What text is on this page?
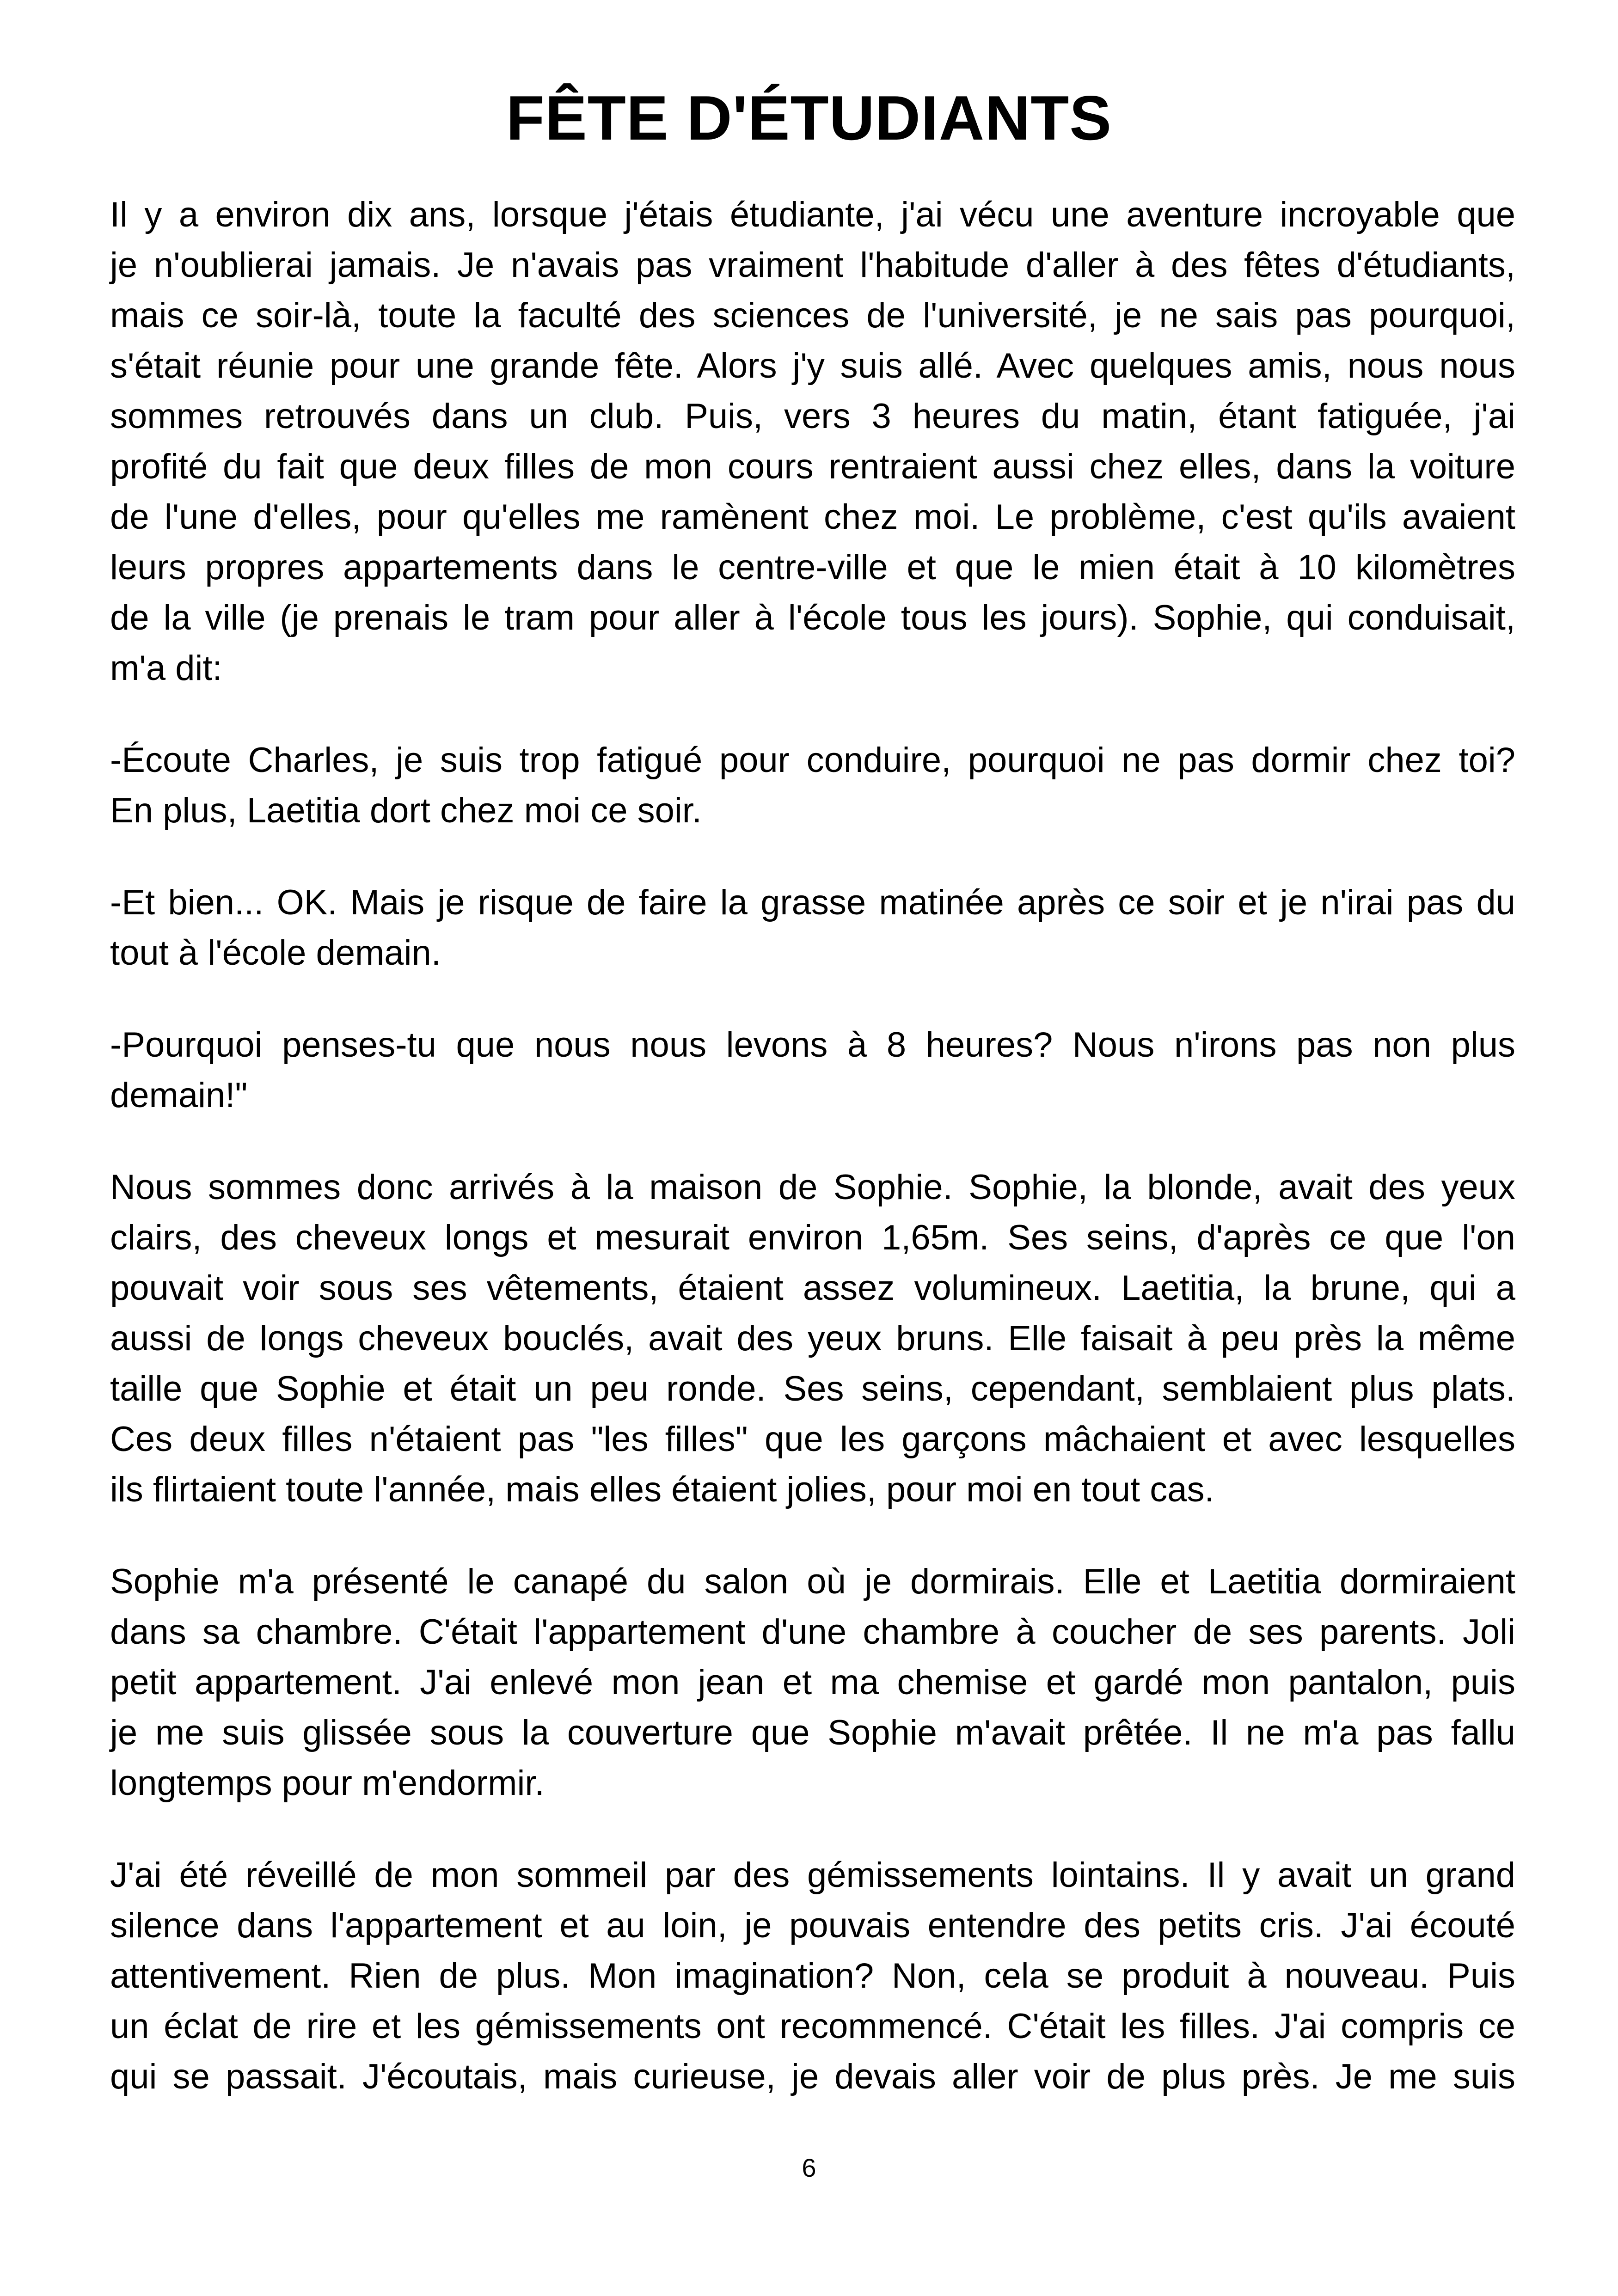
FÊTE D'ÉTUDIANTS

Il y a environ dix ans, lorsque j'étais étudiante, j'ai vécu une aventure incroyable que
je n'oublierai jamais. Je n'avais pas vraiment l'habitude d'aller à des fêtes d'étudiants,
mais ce soir-là, toute la faculté des sciences de l'université, je ne sais pas pourquoi,
s'était réunie pour une grande fête. Alors j'y suis allé. Avec quelques amis, nous nous
sommes retrouvés dans un club. Puis, vers 3 heures du matin, étant fatiguée, j'ai
profité du fait que deux filles de mon cours rentraient aussi chez elles, dans la voiture
de l'une d'elles, pour qu'elles me ramènent chez moi. Le problème, c'est qu'ils avaient
leurs propres appartements dans le centre-ville et que le mien était à 10 kilomètres
de la ville (je prenais le tram pour aller à l'école tous les jours). Sophie, qui conduisait,
m'a dit:

-Écoute Charles, je suis trop fatigué pour conduire, pourquoi ne pas dormir chez toi?
En plus, Laetitia dort chez moi ce soir.

-Et bien... OK. Mais je risque de faire la grasse matinée après ce soir et je n'irai pas du
tout à l'école demain.

-Pourquoi penses-tu que nous nous levons à 8 heures? Nous n'irons pas non plus
demain!"

Nous sommes donc arrivés à la maison de Sophie. Sophie, la blonde, avait des yeux
clairs, des cheveux longs et mesurait environ 1,65m. Ses seins, d'après ce que l'on
pouvait voir sous ses vêtements, étaient assez volumineux. Laetitia, la brune, qui a
aussi de longs cheveux bouclés, avait des yeux bruns. Elle faisait à peu près la même
taille que Sophie et était un peu ronde. Ses seins, cependant, semblaient plus plats.
Ces deux filles n'étaient pas "les filles" que les garçons mâchaient et avec lesquelles
ils flirtaient toute l'année, mais elles étaient jolies, pour moi en tout cas.

Sophie m'a présenté le canapé du salon où je dormirais. Elle et Laetitia dormiraient
dans sa chambre. C'était l'appartement d'une chambre à coucher de ses parents. Joli
petit appartement. J'ai enlevé mon jean et ma chemise et gardé mon pantalon, puis
je me suis glissée sous la couverture que Sophie m'avait prêtée. Il ne m'a pas fallu
longtemps pour m'endormir.

J'ai été réveillé de mon sommeil par des gémissements lointains. Il y avait un grand
silence dans l'appartement et au loin, je pouvais entendre des petits cris. J'ai écouté
attentivement. Rien de plus. Mon imagination? Non, cela se produit à nouveau. Puis
un éclat de rire et les gémissements ont recommencé. C'était les filles. J'ai compris ce
qui se passait. J'écoutais, mais curieuse, je devais aller voir de plus près. Je me suis

6
